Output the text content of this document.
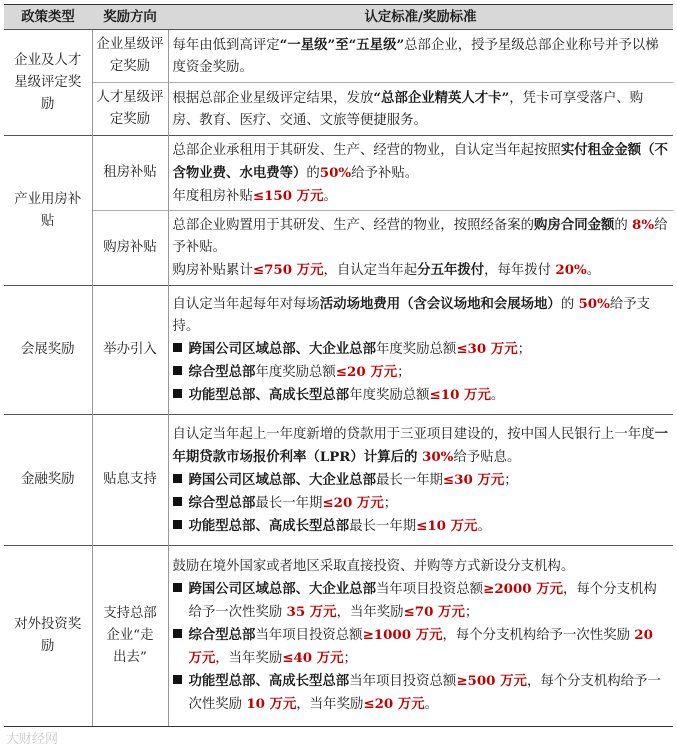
政策类型	奖励方向	认定标准/奖励标准
企业及人才星级评定奖励	企业星级评定奖励	每年由低到高评定“一星级”至“五星级”总部企业，授予星级总部企业称号并予以梯度资金奖励。
	人才星级评定奖励	根据总部企业星级评定结果，发放“总部企业精英人才卡”，凭卡可享受落户、购房、教育、医疗、交通、文旅等便捷服务。
产业用房补贴	租房补贴	总部企业承租用于其研发、生产、经营的物业，自认定当年起按照实付租金金额（不含物业费、水电费等）的50%给予补贴。
年度租房补贴≤150 万元。
	购房补贴	总部企业购置用于其研发、生产、经营的物业，按照经备案的购房合同金额的 8%给予补贴。
购房补贴累计≤750 万元，自认定当年起分五年拨付，每年拨付 20%。
会展奖励	举办引入	自认定当年起每年对每场活动场地费用（含会议场地和会展场地）的 50%给予支持。
跨国公司区域总部、大企业总部年度奖励总额≤30 万元；
综合型总部年度奖励总额≤20 万元；
功能型总部、高成长型总部年度奖励总额≤10 万元。

金融奖励	贴息支持	自认定当年起上一年度新增的贷款用于三亚项目建设的，按中国人民银行上一年度一年期贷款市场报价利率（LPR）计算后的 30%给予贴息。
跨国公司区域总部、大企业总部最长一年期≤30 万元；
综合型总部最长一年期≤20 万元；
功能型总部、高成长型总部最长一年期≤10 万元。

对外投资奖励	支持总部企业“走出去”	鼓励在境外国家或者地区采取直接投资、并购等方式新设分支机构。
跨国公司区域总部、大企业总部当年项目投资总额≥2000 万元，每个分支机构给予一次性奖励 35 万元，当年奖励≤70 万元；
综合型总部当年项目投资总额≥1000 万元，每个分支机构给予一次性奖励 20 万元，当年奖励≤40 万元；
功能型总部、高成长型总部当年项目投资总额≥500 万元，每个分支机构给予一次性奖励 10 万元，当年奖励≤20 万元。
大财经网
